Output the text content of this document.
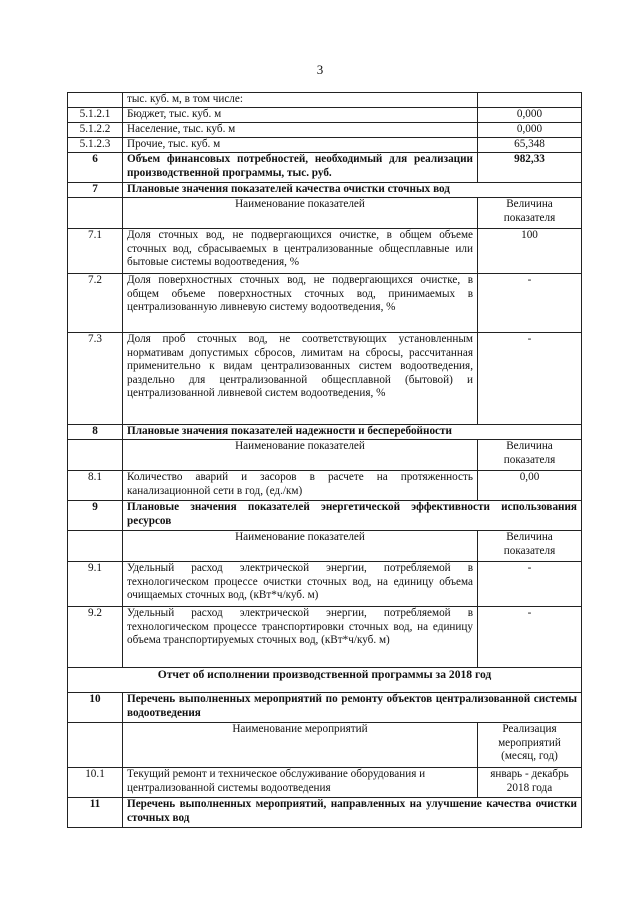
3
	тыс. куб. м, в том числе:	
5.1.2.1	Бюджет, тыс. куб. м	0,000
5.1.2.2	Население, тыс. куб. м	0,000
5.1.2.3	Прочие, тыс. куб. м	65,348
6	Объем финансовых потребностей, необходимый для реализации производственной программы, тыс. руб.	982,33
7	Плановые значения показателей качества очистки сточных вод	
	Наименование показателей	Величина показателя
7.1	Доля сточных вод, не подвергающихся очистке, в общем объеме сточных вод, сбрасываемых в централизованные общесплавные или бытовые системы водоотведения, %	100
7.2	Доля поверхностных сточных вод, не подвергающихся очистке, в общем объеме поверхностных сточных вод, принимаемых в централизованную ливневую систему водоотведения, %	-
7.3	Доля проб сточных вод, не соответствующих установленным нормативам допустимых сбросов, лимитам на сбросы, рассчитанная применительно к видам централизованных систем водоотведения, раздельно для централизованной общесплавной (бытовой) и централизованной ливневой систем водоотведения, %	-
8	Плановые значения показателей надежности и бесперебойности	
	Наименование показателей	Величина показателя
8.1	Количество аварий и засоров в расчете на протяженность канализационной сети в год, (ед./км)	0,00
9	Плановые значения показателей энергетической эффективности использования ресурсов	
	Наименование показателей	Величина показателя
9.1	Удельный расход электрической энергии, потребляемой в технологическом процессе очистки сточных вод, на единицу объема очищаемых сточных вод, (кВт*ч/куб. м)	-
9.2	Удельный расход электрической энергии, потребляемой в технологическом процессе транспортировки сточных вод, на единицу объема транспортируемых сточных вод, (кВт*ч/куб. м)	-
Отчет об исполнении производственной программы за 2018 год		
10	Перечень выполненных мероприятий по ремонту объектов централизованной системы водоотведения	
	Наименование мероприятий	Реализация мероприятий (месяц, год)
10.1	Текущий ремонт и техническое обслуживание оборудования и централизованной системы водоотведения	январь - декабрь 2018 года
11	Перечень выполненных мероприятий, направленных на улучшение качества очистки сточных вод	
